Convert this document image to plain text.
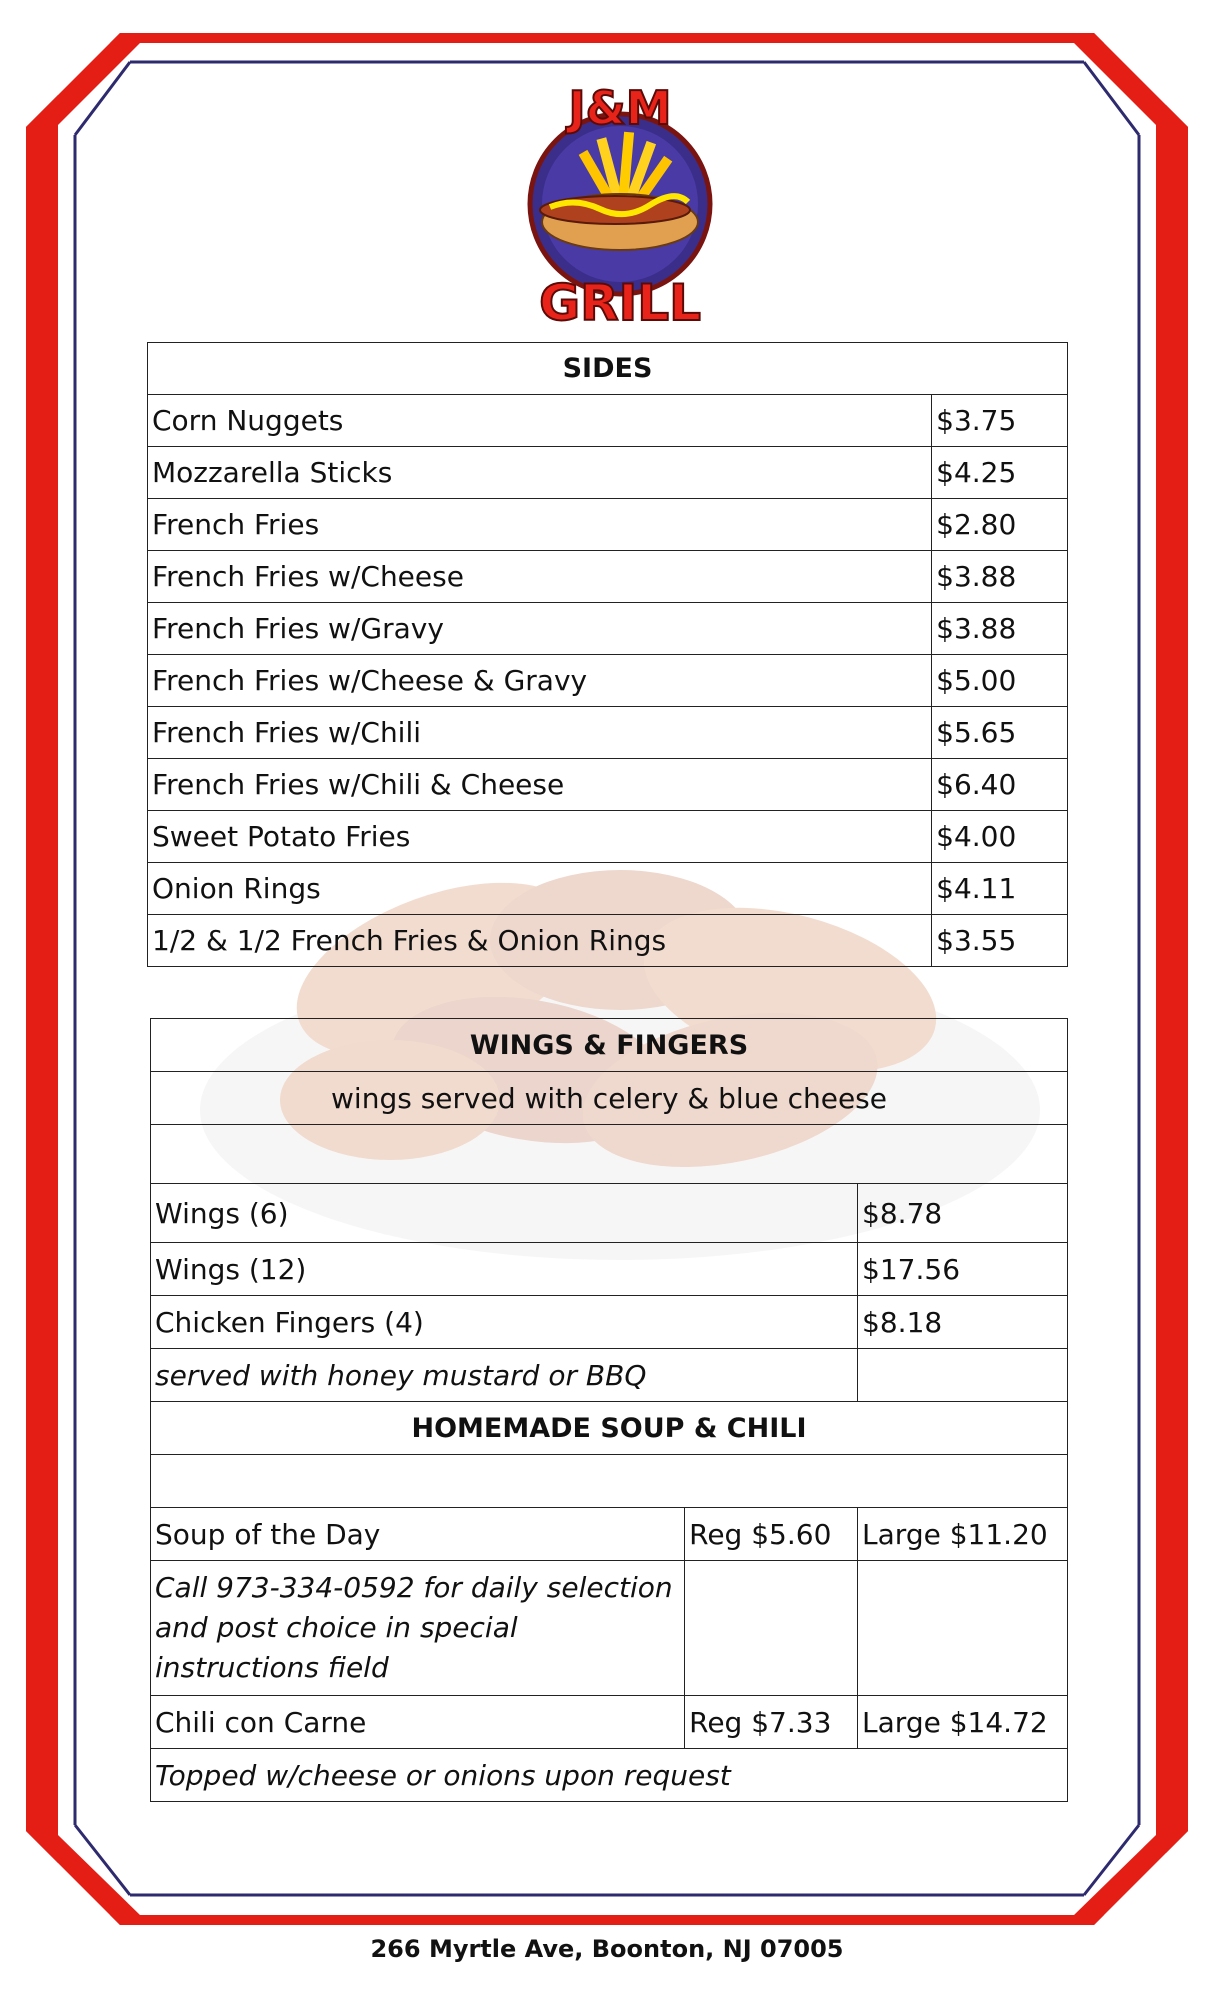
J&M
GRILL
SIDES	
Corn Nuggets	$3.75
Mozzarella Sticks	$4.25
French Fries	$2.80
French Fries w/Cheese	$3.88
French Fries w/Gravy	$3.88
French Fries w/Cheese & Gravy	$5.00
French Fries w/Chili	$5.65
French Fries w/Chili & Cheese	$6.40
Sweet Potato Fries	$4.00
Onion Rings	$4.11
1/2 & 1/2 French Fries & Onion Rings	$3.55
WINGS & FINGERS		
wings served with celery & blue cheese		

Wings (6)		$8.78
Wings (12)		$17.56
Chicken Fingers (4)		$8.18
served with honey mustard or BBQ		
HOMEMADE SOUP & CHILI		

Soup of the Day	Reg $5.60	Large $11.20
Call 973-334-0592 for daily selection and post choice in special instructions field		
Chili con Carne	Reg $7.33	Large $14.72
Topped w/cheese or onions upon request		
266 Myrtle Ave, Boonton, NJ 07005
